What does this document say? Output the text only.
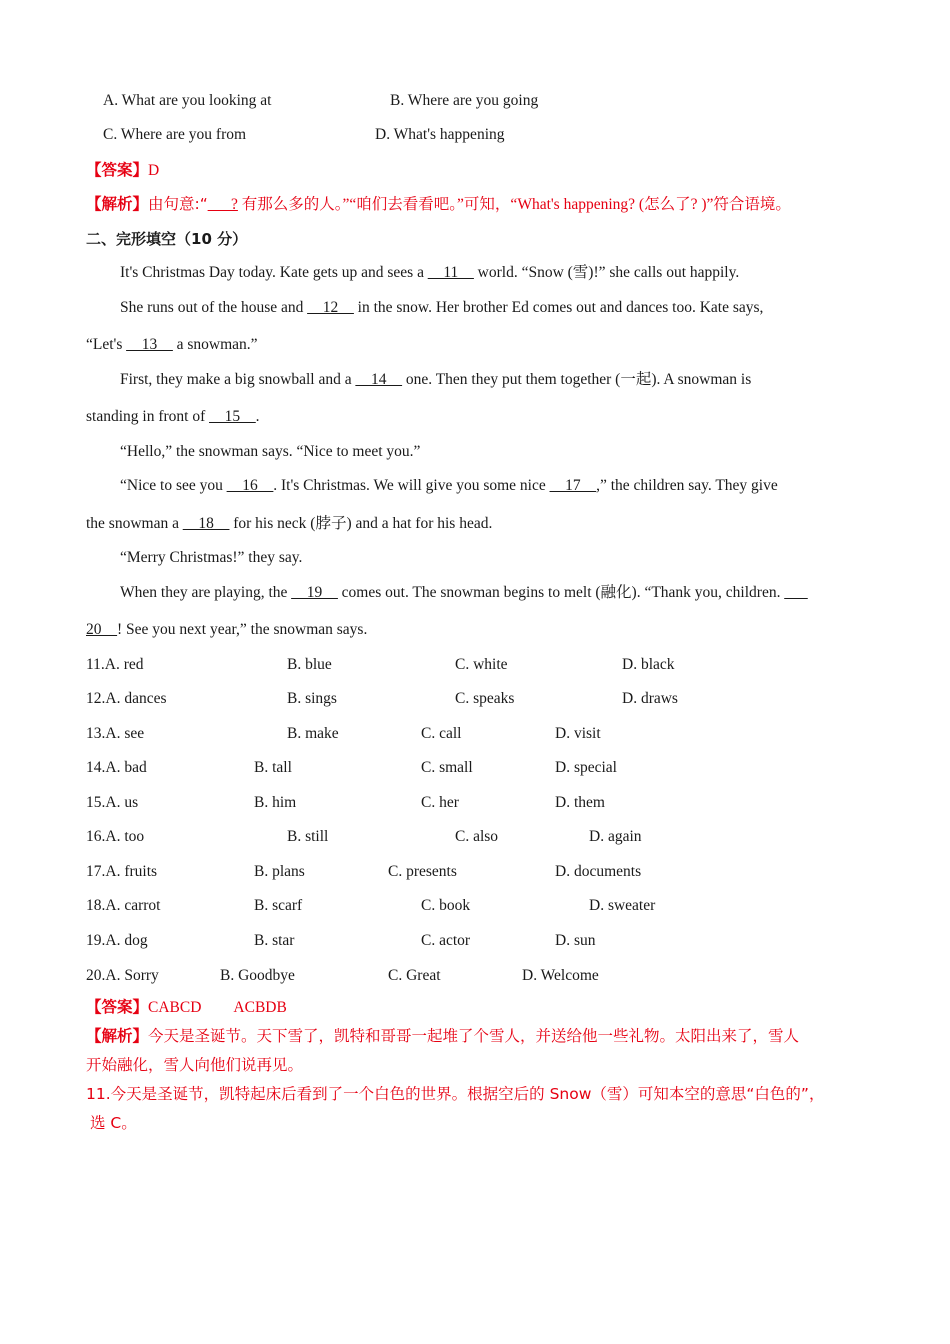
A. What are you looking at	B. Where are you going
C. Where are you from	D. What's happening
【答案】D
【解析】由句意:“___? 有那么多的人。”“咱们去看看吧。”可知，“What's happening? (怎么了? )”符合语境。
二、完形填空（10 分）
It's Christmas Day today. Kate gets up and sees a __11__ world. “Snow (雪)!” she calls out happily.
She runs out of the house and __12__ in the snow. Her brother Ed comes out and dances too. Kate says,
“Let's __13__ a snowman.”
First, they make a big snowball and a __14__ one. Then they put them together (一起). A snowman is
standing in front of __15__.
“Hello,” the snowman says. “Nice to meet you.”
“Nice to see you __16__. It's Christmas. We will give you some nice __17__,” the children say. They give
the snowman a __18__ for his neck (脖子) and a hat for his head.
“Merry Christmas!” they say.
When they are playing, the __19__ comes out. The snowman begins to melt (融化). “Thank you, children. ___
20__! See you next year,” the snowman says.
11.A. red	B. blue	C. white	D. black
12.A. dances	B. sings	C. speaks	D. draws
13.A. see	B. make	C. call	D. visit
14.A. bad	B. tall	C. small	D. special
15.A. us	B. him	C. her	D. them
16.A. too	B. still	C. also	D. again
17.A. fruits	B. plans	C. presents	D. documents
18.A. carrot	B. scarf	C. book	D. sweater
19.A. dog	B. star	C. actor	D. sun
20.A. Sorry	B. Goodbye	C. Great	D. Welcome
【答案】CABCD ACBDB
【解析】今天是圣诞节。天下雪了，凯特和哥哥一起堆了个雪人，并送给他一些礼物。太阳出来了，雪人
开始融化，雪人向他们说再见。
11.今天是圣诞节，凯特起床后看到了一个白色的世界。根据空后的 Snow（雪）可知本空的意思“白色的”，
选 C。
